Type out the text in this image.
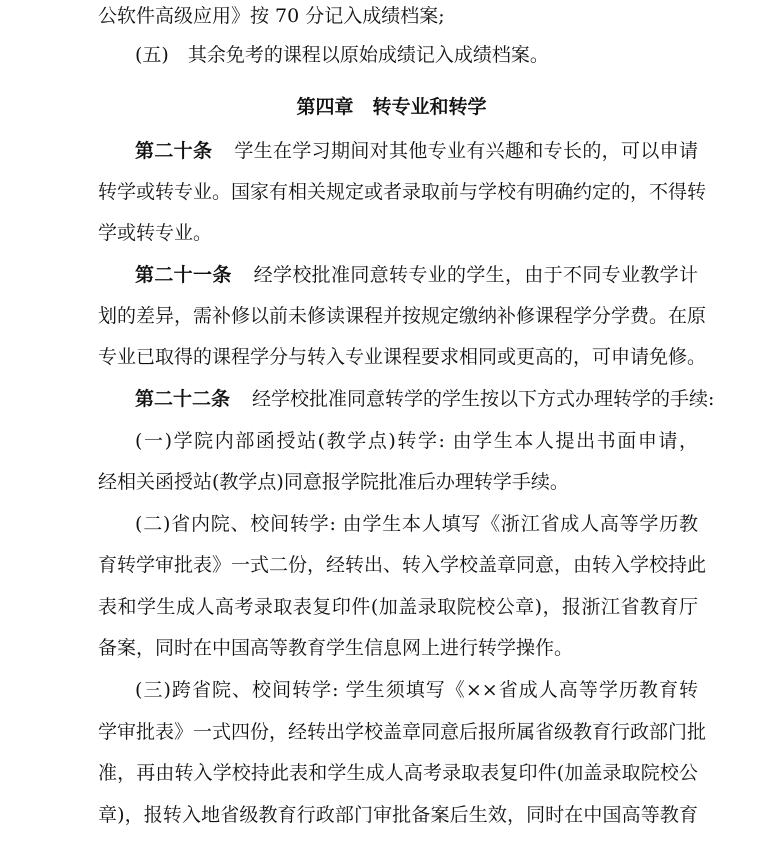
公软件高级应用》按 70 分记入成绩档案;
(五)　其余免考的课程以原始成绩记入成绩档案。
第四章　转专业和转学
第二十条 学生在学习期间对其他专业有兴趣和专长的，可以申请
转学或转专业。国家有相关规定或者录取前与学校有明确约定的，不得转
学或转专业。
第二十一条 经学校批准同意转专业的学生，由于不同专业教学计
划的差异，需补修以前未修读课程并按规定缴纳补修课程学分学费。在原
专业已取得的课程学分与转入专业课程要求相同或更高的，可申请免修。
第二十二条 经学校批准同意转学的学生按以下方式办理转学的手续:
(一)学院内部函授站(教学点)转学: 由学生本人提出书面申请，
经相关函授站(教学点)同意报学院批准后办理转学手续。
(二)省内院、校间转学: 由学生本人填写《浙江省成人高等学历教
育转学审批表》一式二份，经转出、转入学校盖章同意，由转入学校持此
表和学生成人高考录取表复印件(加盖录取院校公章)，报浙江省教育厅
备案，同时在中国高等教育学生信息网上进行转学操作。
(三)跨省院、校间转学: 学生须填写《××省成人高等学历教育转
学审批表》一式四份，经转出学校盖章同意后报所属省级教育行政部门批
准，再由转入学校持此表和学生成人高考录取表复印件(加盖录取院校公
章)，报转入地省级教育行政部门审批备案后生效，同时在中国高等教育
